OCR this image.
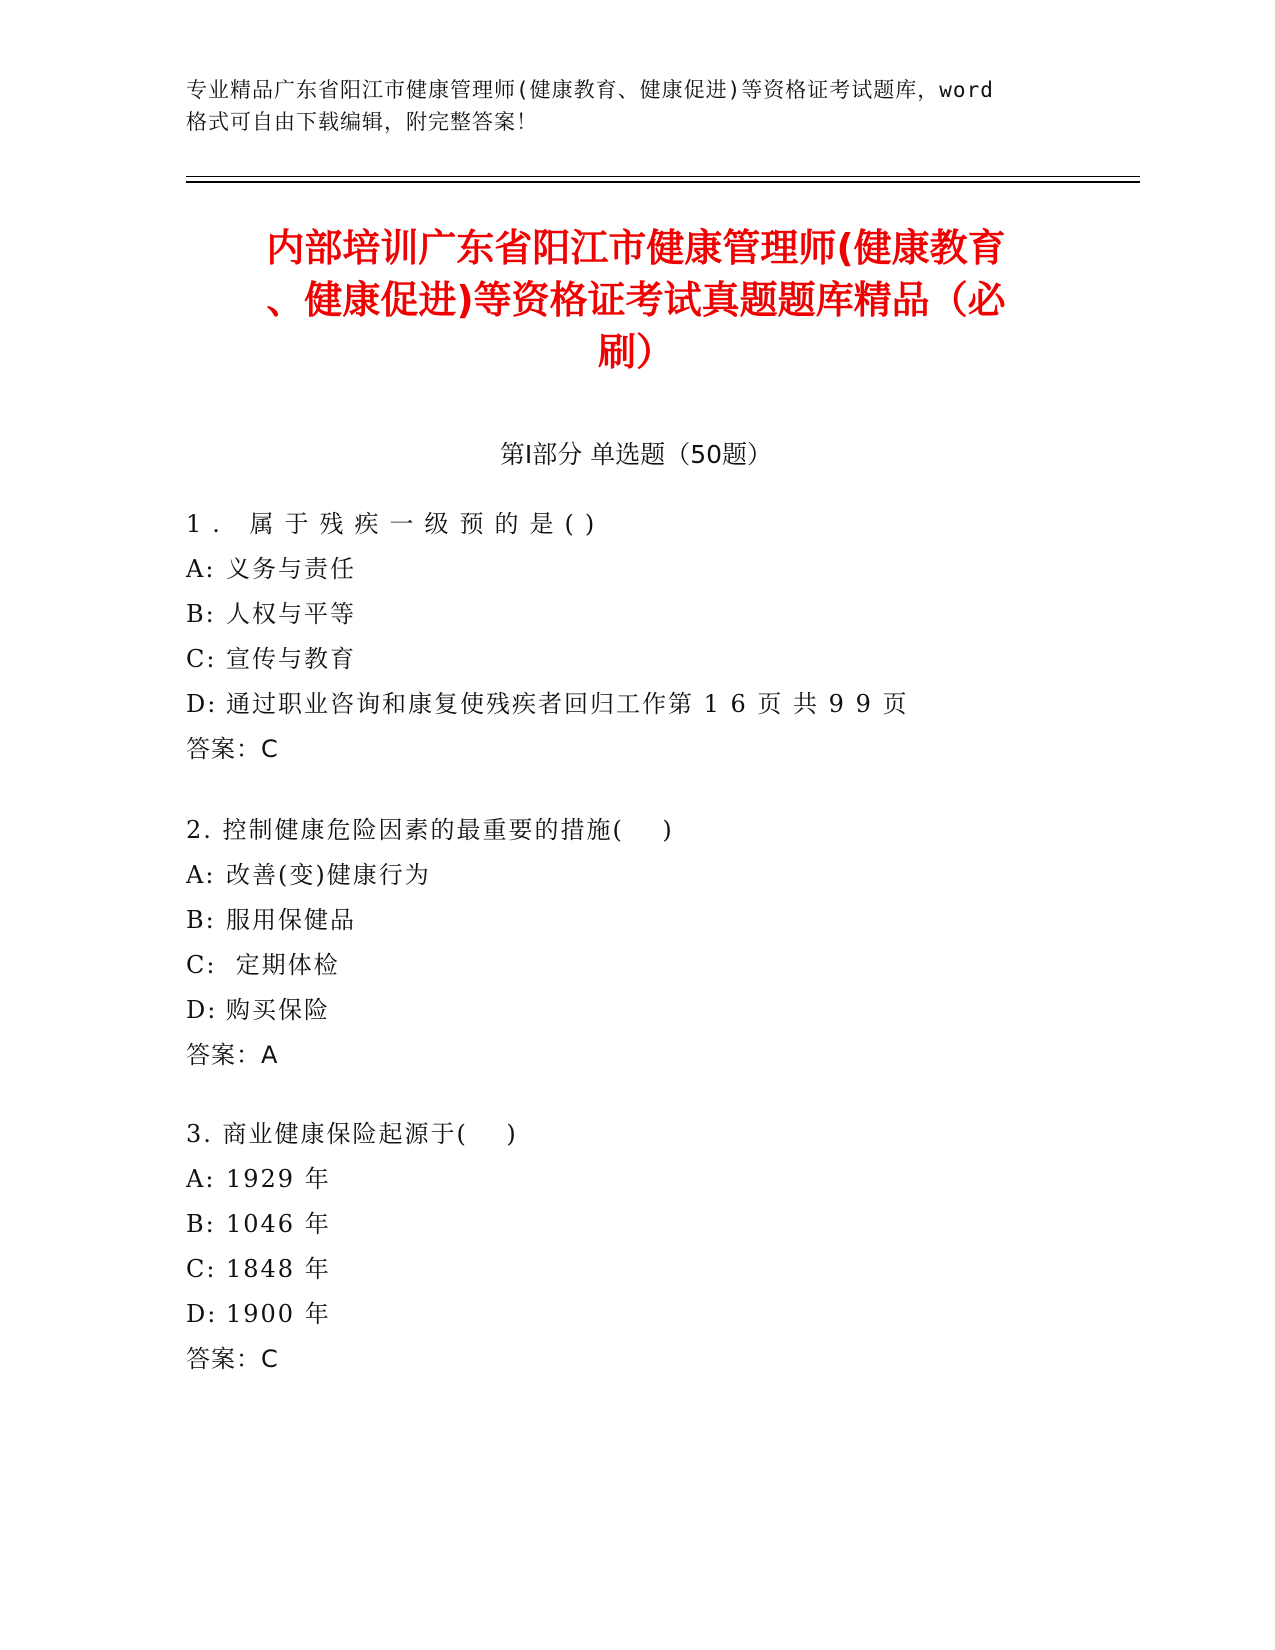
专业精品广东省阳江市健康管理师(健康教育、健康促进)等资格证考试题库，word
格式可自由下载编辑，附完整答案！
内部培训广东省阳江市健康管理师(健康教育
、健康促进)等资格证考试真题题库精品（必
刷）
第Ⅰ部分 单选题（50题）
1. 属于残疾一级预的是()
A: 义务与责任
B: 人权与平等
C: 宣传与教育
D: 通过职业咨询和康复使残疾者回归工作第 1 6 页 共 9 9 页
答案：C
2. 控制健康危险因素的最重要的措施(    )
A: 改善(变)健康行为
B: 服用保健品
C: 定期体检
D: 购买保险
答案：A
3. 商业健康保险起源于(    )
A: 1929 年
B: 1046 年
C: 1848 年
D: 1900 年
答案：C
